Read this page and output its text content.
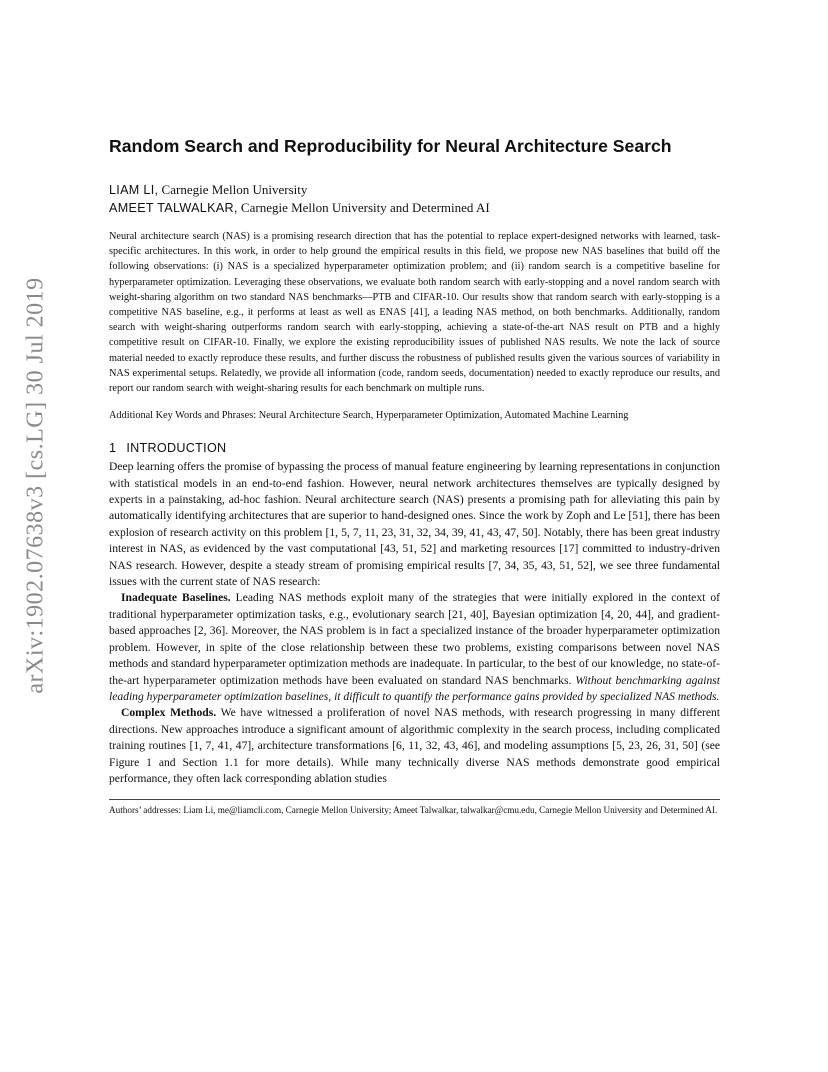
arXiv:1902.07638v3 [cs.LG] 30 Jul 2019
Random Search and Reproducibility for Neural Architecture Search
LIAM LI, Carnegie Mellon University
AMEET TALWALKAR, Carnegie Mellon University and Determined AI

Neural architecture search (NAS) is a promising research direction that has the potential to replace expert-designed networks with learned, task-specific architectures. In this work, in order to help ground the empirical results in this field, we propose new NAS baselines that build off the following observations: (i) NAS is a specialized hyperparameter optimization problem; and (ii) random search is a competitive baseline for hyperparameter optimization. Leveraging these observations, we evaluate both random search with early-stopping and a novel random search with weight-sharing algorithm on two standard NAS benchmarks—PTB and CIFAR-10. Our results show that random search with early-stopping is a competitive NAS baseline, e.g., it performs at least as well as ENAS [41], a leading NAS method, on both benchmarks. Additionally, random search with weight-sharing outperforms random search with early-stopping, achieving a state-of-the-art NAS result on PTB and a highly competitive result on CIFAR-10. Finally, we explore the existing reproducibility issues of published NAS results. We note the lack of source material needed to exactly reproduce these results, and further discuss the robustness of published results given the various sources of variability in NAS experimental setups. Relatedly, we provide all information (code, random seeds, documentation) needed to exactly reproduce our results, and report our random search with weight-sharing results for each benchmark on multiple runs.

Additional Key Words and Phrases: Neural Architecture Search, Hyperparameter Optimization, Automated Machine Learning

1 INTRODUCTION

Deep learning offers the promise of bypassing the process of manual feature engineering by learning representations in conjunction with statistical models in an end-to-end fashion. However, neural network architectures themselves are typically designed by experts in a painstaking, ad-hoc fashion. Neural architecture search (NAS) presents a promising path for alleviating this pain by automatically identifying architectures that are superior to hand-designed ones. Since the work by Zoph and Le [51], there has been explosion of research activity on this problem [1, 5, 7, 11, 23, 31, 32, 34, 39, 41, 43, 47, 50]. Notably, there has been great industry interest in NAS, as evidenced by the vast computational [43, 51, 52] and marketing resources [17] committed to industry-driven NAS research. However, despite a steady stream of promising empirical results [7, 34, 35, 43, 51, 52], we see three fundamental issues with the current state of NAS research:

Inadequate Baselines. Leading NAS methods exploit many of the strategies that were initially explored in the context of traditional hyperparameter optimization tasks, e.g., evolutionary search [21, 40], Bayesian optimization [4, 20, 44], and gradient-based approaches [2, 36]. Moreover, the NAS problem is in fact a specialized instance of the broader hyperparameter optimization problem. However, in spite of the close relationship between these two problems, existing comparisons between novel NAS methods and standard hyperparameter optimization methods are inadequate. In particular, to the best of our knowledge, no state-of-the-art hyperparameter optimization methods have been evaluated on standard NAS benchmarks. Without benchmarking against leading hyperparameter optimization baselines, it difficult to quantify the performance gains provided by specialized NAS methods.

Complex Methods. We have witnessed a proliferation of novel NAS methods, with research progressing in many different directions. New approaches introduce a significant amount of algorithmic complexity in the search process, including complicated training routines [1, 7, 41, 47], architecture transformations [6, 11, 32, 43, 46], and modeling assumptions [5, 23, 26, 31, 50] (see Figure 1 and Section 1.1 for more details). While many technically diverse NAS methods demonstrate good empirical performance, they often lack corresponding ablation studies

Authors’ addresses: Liam Li, me@liamcli.com, Carnegie Mellon University; Ameet Talwalkar, talwalkar@cmu.edu, Carnegie Mellon University and Determined AI.
